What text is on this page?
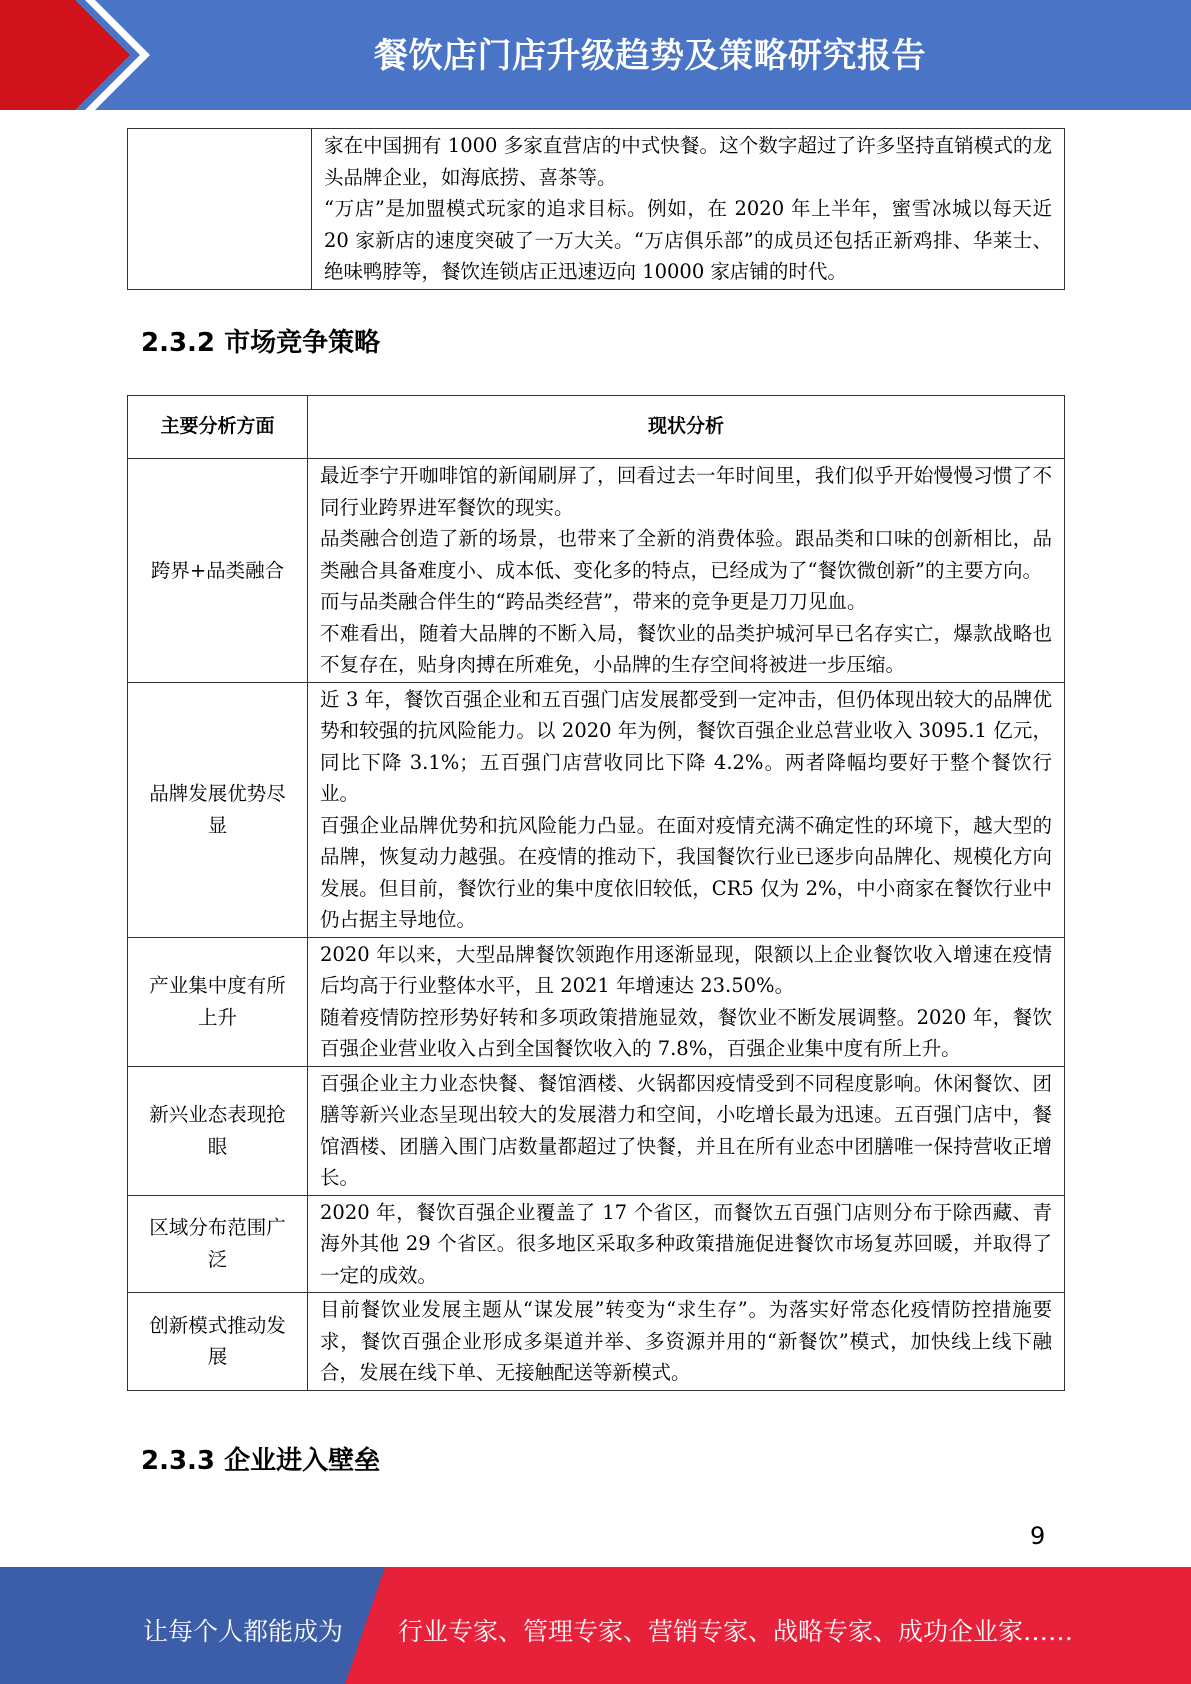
餐饮店门店升级趋势及策略研究报告

家在中国拥有 1000 多家直营店的中式快餐。这个数字超过了许多坚持直销模式的龙头品牌企业，如海底捞、喜茶等。
“万店”是加盟模式玩家的追求目标。例如，在 2020 年上半年，蜜雪冰城以每天近 20 家新店的速度突破了一万大关。“万店俱乐部”的成员还包括正新鸡排、华莱士、绝味鸭脖等，餐饮连锁店正迅速迈向 10000 家店铺的时代。
2.3.2 市场竞争策略
主要分析方面	现状分析
跨界+品类融合	最近李宁开咖啡馆的新闻刷屏了，回看过去一年时间里，我们似乎开始慢慢习惯了不同行业跨界进军餐饮的现实。
品类融合创造了新的场景，也带来了全新的消费体验。跟品类和口味的创新相比，品类融合具备难度小、成本低、变化多的特点，已经成为了“餐饮微创新”的主要方向。
而与品类融合伴生的“跨品类经营”，带来的竞争更是刀刀见血。
不难看出，随着大品牌的不断入局，餐饮业的品类护城河早已名存实亡，爆款战略也不复存在，贴身肉搏在所难免，小品牌的生存空间将被进一步压缩。

品牌发展优势尽显	近 3 年，餐饮百强企业和五百强门店发展都受到一定冲击，但仍体现出较大的品牌优势和较强的抗风险能力。以 2020 年为例，餐饮百强企业总营业收入 3095.1 亿元，同比下降 3.1%；五百强门店营收同比下降 4.2%。两者降幅均要好于整个餐饮行业。
百强企业品牌优势和抗风险能力凸显。在面对疫情充满不确定性的环境下，越大型的品牌，恢复动力越强。在疫情的推动下，我国餐饮行业已逐步向品牌化、规模化方向发展。但目前，餐饮行业的集中度依旧较低，CR5 仅为 2%，中小商家在餐饮行业中仍占据主导地位。

产业集中度有所上升	2020 年以来，大型品牌餐饮领跑作用逐渐显现，限额以上企业餐饮收入增速在疫情后均高于行业整体水平，且 2021 年增速达 23.50%。
随着疫情防控形势好转和多项政策措施显效，餐饮业不断发展调整。2020 年，餐饮百强企业营业收入占到全国餐饮收入的 7.8%，百强企业集中度有所上升。

新兴业态表现抢眼	百强企业主力业态快餐、餐馆酒楼、火锅都因疫情受到不同程度影响。休闲餐饮、团膳等新兴业态呈现出较大的发展潜力和空间，小吃增长最为迅速。五百强门店中，餐馆酒楼、团膳入围门店数量都超过了快餐，并且在所有业态中团膳唯一保持营收正增长。

区域分布范围广泛	2020 年，餐饮百强企业覆盖了 17 个省区，而餐饮五百强门店则分布于除西藏、青海外其他 29 个省区。很多地区采取多种政策措施促进餐饮市场复苏回暖，并取得了一定的成效。

创新模式推动发展	目前餐饮业发展主题从“谋发展”转变为“求生存”。为落实好常态化疫情防控措施要求，餐饮百强企业形成多渠道并举、多资源并用的“新餐饮”模式，加快线上线下融合，发展在线下单、无接触配送等新模式。
2.3.3 企业进入壁垒
9
让每个人都能成为 行业专家、管理专家、营销专家、战略专家、成功企业家……
